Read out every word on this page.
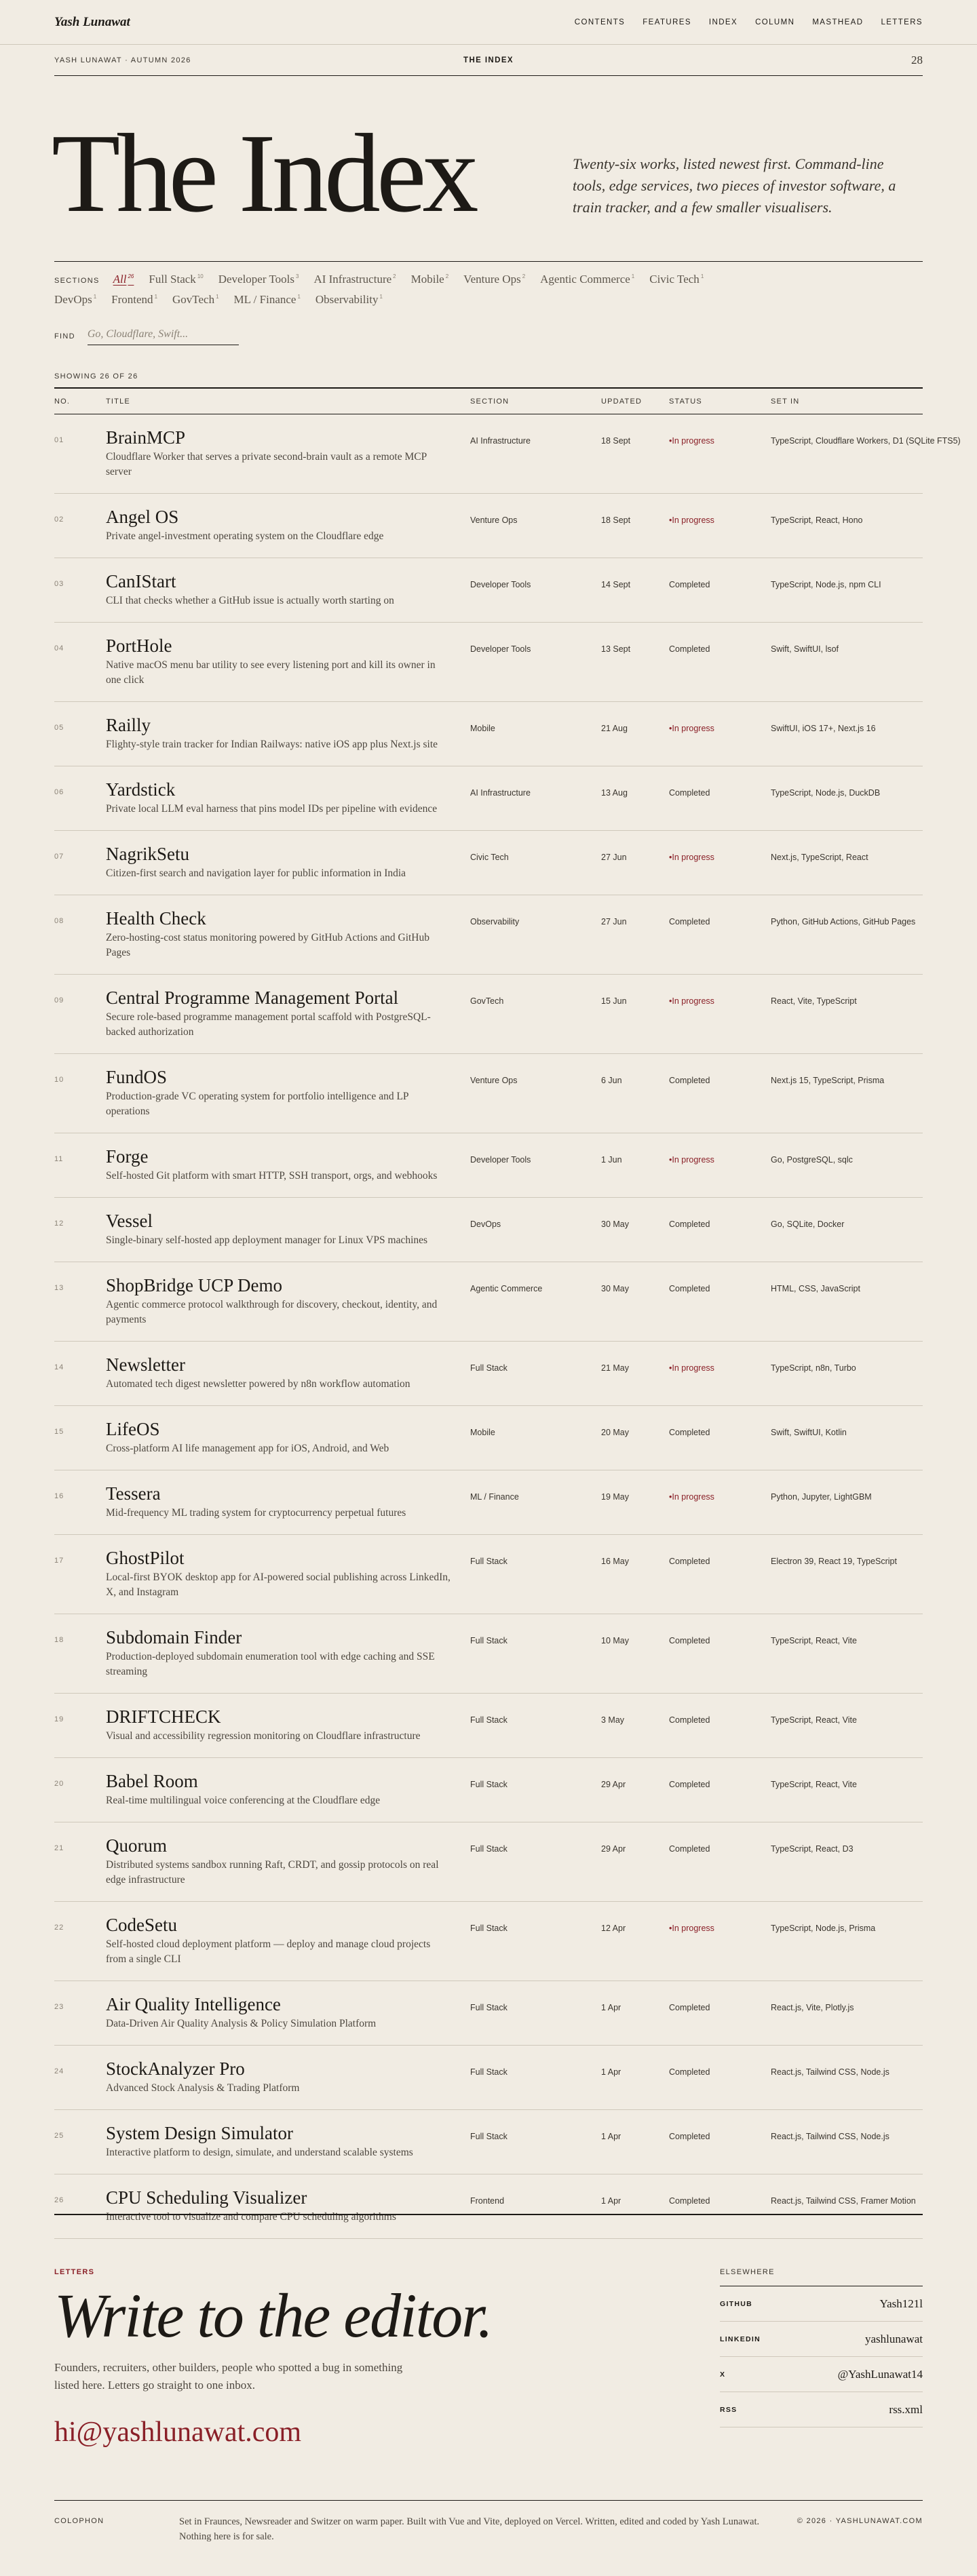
Yash Lunawat	CONTENTS FEATURES INDEX COLUMN MASTHEAD LETTERS
YASH LUNAWAT · AUTUMN 2026	THE INDEX	28
The Index	Twenty-six works, listed newest first. Command-line tools, edge services, two pieces of investor software, a train tracker, and a few smaller visualisers.

SECTIONS All $^{26}$ Full Stack $^{10}$ Developer Tools $^3$ AI Infrastructure $^2$ Mobile $^2$ Venture Ops $^2$ Agentic Commerce $^1$ Civic Tech $^1$
DevOps $^1$ Frontend $^1$ GovTech $^1$ ML / Finance $^1$ Observability $^1$
FIND
Go, Cloudflare, Swift...
SHOWING 26 OF 26
NO.	TITLE	SECTION	UPDATED	STATUS	SET IN
01	BrainMCP
Cloudflare Worker that serves a private second-brain vault as a remote MCP server
AI Infrastructure	18 Sept	•In progress	TypeScript, Cloudflare Workers, D1 (SQLite FTS5)
02	Angel OS
Private angel-investment operating system on the Cloudflare edge
Venture Ops	18 Sept	•In progress	TypeScript, React, Hono
03	CanIStart
CLI that checks whether a GitHub issue is actually worth starting on
Developer Tools	14 Sept	Completed	TypeScript, Node.js, npm CLI
04	PortHole
Native macOS menu bar utility to see every listening port and kill its owner in one click
Developer Tools	13 Sept	Completed	Swift, SwiftUI, lsof
05	Railly
Flighty-style train tracker for Indian Railways: native iOS app plus Next.js site
Mobile	21 Aug	•In progress	SwiftUI, iOS 17+, Next.js 16
06	Yardstick
Private local LLM eval harness that pins model IDs per pipeline with evidence
AI Infrastructure	13 Aug	Completed	TypeScript, Node.js, DuckDB
07	NagrikSetu
Citizen-first search and navigation layer for public information in India
Civic Tech	27 Jun	•In progress	Next.js, TypeScript, React
08	Health Check
Zero-hosting-cost status monitoring powered by GitHub Actions and GitHub Pages
Observability	27 Jun	Completed	Python, GitHub Actions, GitHub Pages
09	Central Programme Management Portal
Secure role-based programme management portal scaffold with PostgreSQL-backed authorization
GovTech	15 Jun	•In progress	React, Vite, TypeScript
10	FundOS
Production-grade VC operating system for portfolio intelligence and LP operations
Venture Ops	6 Jun	Completed	Next.js 15, TypeScript, Prisma
11	Forge
Self-hosted Git platform with smart HTTP, SSH transport, orgs, and webhooks
Developer Tools	1 Jun	•In progress	Go, PostgreSQL, sqlc
12	Vessel
Single-binary self-hosted app deployment manager for Linux VPS machines
DevOps	30 May	Completed	Go, SQLite, Docker
13	ShopBridge UCP Demo
Agentic commerce protocol walkthrough for discovery, checkout, identity, and payments
Agentic Commerce	30 May	Completed	HTML, CSS, JavaScript
14	Newsletter
Automated tech digest newsletter powered by n8n workflow automation
Full Stack	21 May	•In progress	TypeScript, n8n, Turbo
15	LifeOS
Cross-platform AI life management app for iOS, Android, and Web
Mobile	20 May	Completed	Swift, SwiftUI, Kotlin
16	Tessera
Mid-frequency ML trading system for cryptocurrency perpetual futures
ML / Finance	19 May	•In progress	Python, Jupyter, LightGBM
17	GhostPilot
Local-first BYOK desktop app for AI-powered social publishing across LinkedIn, X, and Instagram
Full Stack	16 May	Completed	Electron 39, React 19, TypeScript
18	Subdomain Finder
Production-deployed subdomain enumeration tool with edge caching and SSE streaming
Full Stack	10 May	Completed	TypeScript, React, Vite
19	DRIFTCHECK
Visual and accessibility regression monitoring on Cloudflare infrastructure
Full Stack	3 May	Completed	TypeScript, React, Vite
20	Babel Room
Real-time multilingual voice conferencing at the Cloudflare edge
Full Stack	29 Apr	Completed	TypeScript, React, Vite
21	Quorum
Distributed systems sandbox running Raft, CRDT, and gossip protocols on real edge infrastructure
Full Stack	29 Apr	Completed	TypeScript, React, D3
22	CodeSetu
Self-hosted cloud deployment platform — deploy and manage cloud projects from a single CLI
Full Stack	12 Apr	•In progress	TypeScript, Node.js, Prisma
23	Air Quality Intelligence
Data-Driven Air Quality Analysis & Policy Simulation Platform
Full Stack	1 Apr	Completed	React.js, Vite, Plotly.js
24	StockAnalyzer Pro
Advanced Stock Analysis & Trading Platform
Full Stack	1 Apr	Completed	React.js, Tailwind CSS, Node.js
25	System Design Simulator
Interactive platform to design, simulate, and understand scalable systems
Full Stack	1 Apr	Completed	React.js, Tailwind CSS, Node.js
26	CPU Scheduling Visualizer
Interactive tool to visualize and compare CPU scheduling algorithms
Frontend	1 Apr	Completed	React.js, Tailwind CSS, Framer Motion
LETTERS
Write to the editor.

Founders, recruiters, other builders, people who spotted a bug in something listed here. Letters go straight to one inbox.

hi@yashlunawat.com
ELSEWHERE
GITHUB	Yash121l
LINKEDIN	yashlunawat
X	@YashLunawat14
RSS	rss.xml
COLOPHON	Set in Fraunces, Newsreader and Switzer on warm paper. Built with Vue and Vite, deployed on Vercel. Written, edited and coded by Yash Lunawat. Nothing here is for sale.

© 2026 · YASHLUNAWAT.COM
